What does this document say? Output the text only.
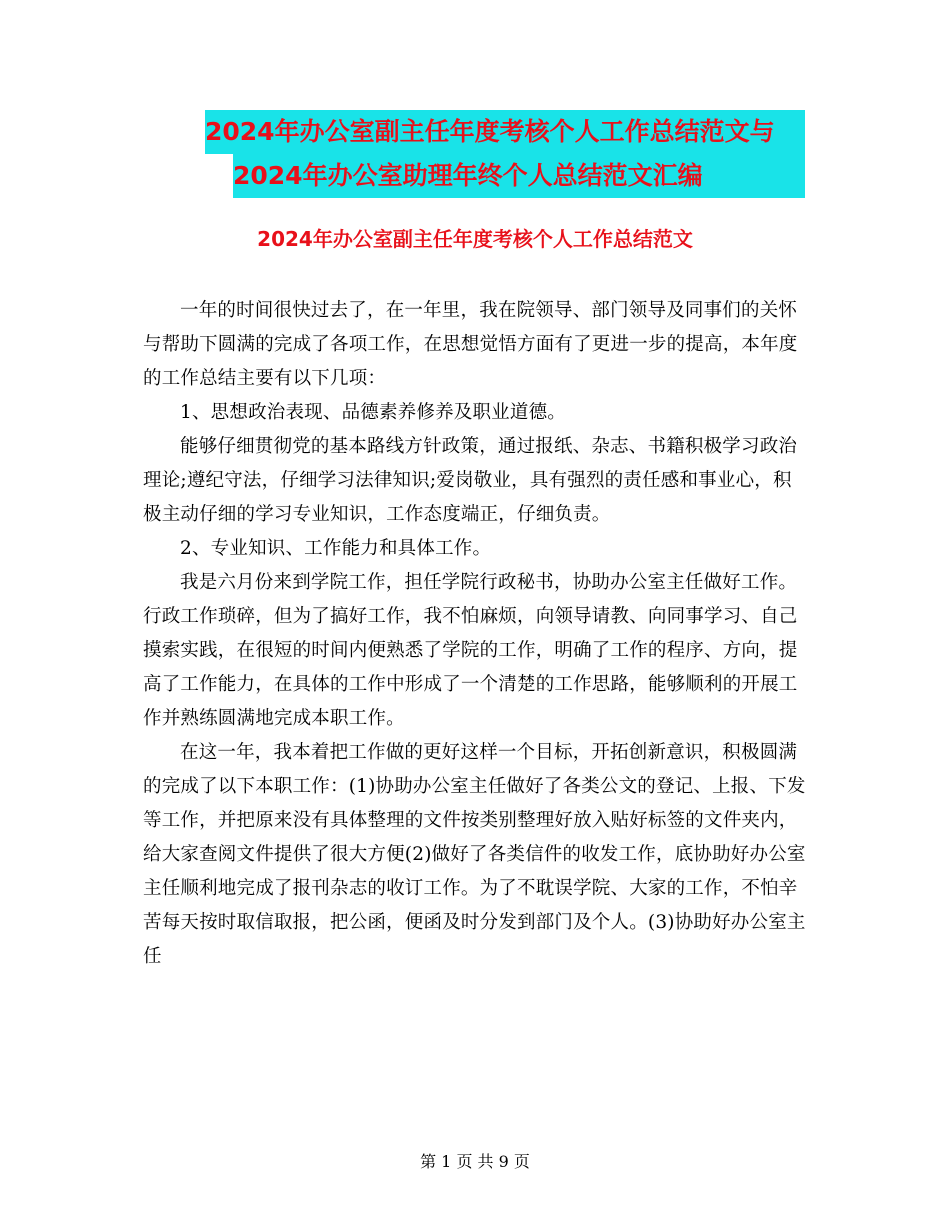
2024年办公室副主任年度考核个人工作总结范文与
2024年办公室助理年终个人总结范文汇编
2024年办公室副主任年度考核个人工作总结范文

一年的时间很快过去了，在一年里，我在院领导、部门领导及同事们的关怀与帮助下圆满的完成了各项工作，在思想觉悟方面有了更进一步的提高，本年度的工作总结主要有以下几项：

1、思想政治表现、品德素养修养及职业道德。

能够仔细贯彻党的基本路线方针政策，通过报纸、杂志、书籍积极学习政治理论;遵纪守法，仔细学习法律知识;爱岗敬业，具有强烈的责任感和事业心，积极主动仔细的学习专业知识，工作态度端正，仔细负责。

2、专业知识、工作能力和具体工作。

我是六月份来到学院工作，担任学院行政秘书，协助办公室主任做好工作。行政工作琐碎，但为了搞好工作，我不怕麻烦，向领导请教、向同事学习、自己摸索实践，在很短的时间内便熟悉了学院的工作，明确了工作的程序、方向，提高了工作能力，在具体的工作中形成了一个清楚的工作思路，能够顺利的开展工作并熟练圆满地完成本职工作。

在这一年，我本着把工作做的更好这样一个目标，开拓创新意识，积极圆满的完成了以下本职工作：(1)协助办公室主任做好了各类公文的登记、上报、下发等工作，并把原来没有具体整理的文件按类别整理好放入贴好标签的文件夹内，给大家查阅文件提供了很大方便(2)做好了各类信件的收发工作，底协助好办公室主任顺利地完成了报刊杂志的收订工作。为了不耽误学院、大家的工作，不怕辛苦每天按时取信取报，把公函，便函及时分发到部门及个人。(3)协助好办公室主任

第 1 页 共 9 页
